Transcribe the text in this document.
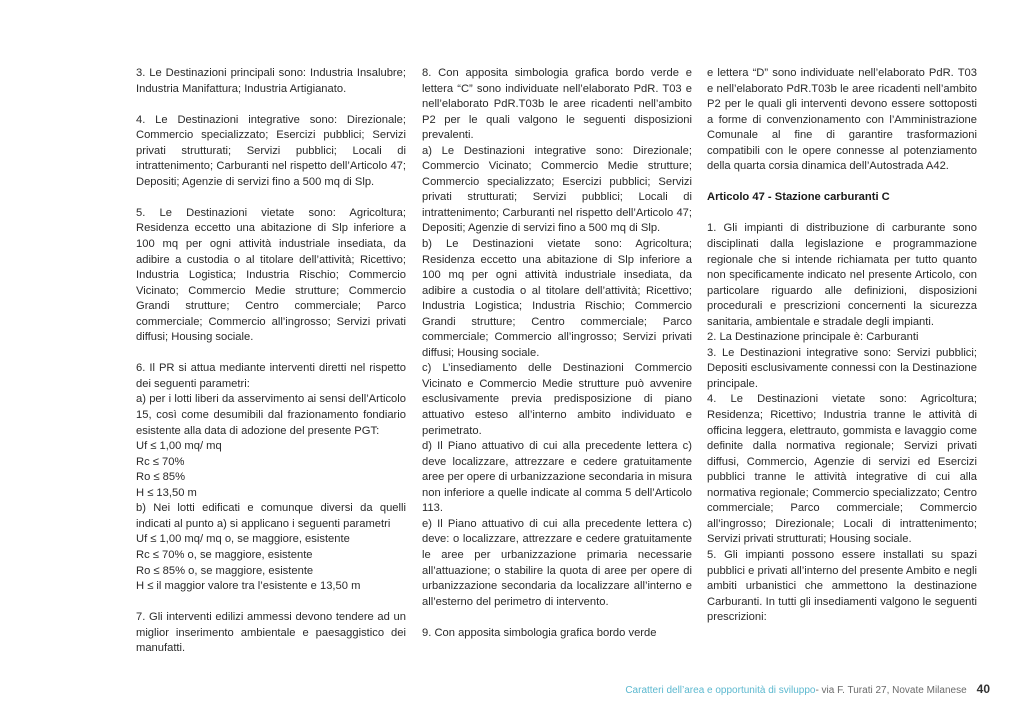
3. Le Destinazioni principali sono: Industria Insalubre; Industria Manifattura; Industria Artigianato.

4. Le Destinazioni integrative sono: Direzionale; Commercio specializzato; Esercizi pubblici; Servizi privati strutturati; Servizi pubblici; Locali di intrattenimento; Carburanti nel rispetto dell’Articolo 47; Depositi; Agenzie di servizi fino a 500 mq di Slp.

5. Le Destinazioni vietate sono: Agricoltura; Residenza eccetto una abitazione di Slp inferiore a 100 mq per ogni attività industriale insediata, da adibire a custodia o al titolare dell’attività; Ricettivo; Industria Logistica; Industria Rischio; Commercio Vicinato; Commercio Medie strutture; Commercio Grandi strutture; Centro commerciale; Parco commerciale; Commercio all’ingrosso; Servizi privati diffusi; Housing sociale.

6. Il PR si attua mediante interventi diretti nel rispetto dei seguenti parametri:

a) per i lotti liberi da asservimento ai sensi dell’Articolo 15, così come desumibili dal frazionamento fondiario esistente alla data di adozione del presente PGT:

Uf ≤ 1,00 mq/ mq

Rc ≤ 70%

Ro ≤ 85%

H ≤ 13,50 m

b) Nei lotti edificati e comunque diversi da quelli indicati al punto a) si applicano i seguenti parametri

Uf ≤ 1,00 mq/ mq o, se maggiore, esistente

Rc ≤ 70% o, se maggiore, esistente

Ro ≤ 85% o, se maggiore, esistente

H ≤ il maggior valore tra l’esistente e 13,50 m

7. Gli interventi edilizi ammessi devono tendere ad un miglior inserimento ambientale e paesaggistico dei manufatti.

8. Con apposita simbologia grafica bordo verde e lettera “C” sono individuate nell’elaborato PdR. T03 e nell’elaborato PdR.T03b le aree ricadenti nell’ambito P2 per le quali valgono le seguenti disposizioni prevalenti.

a) Le Destinazioni integrative sono: Direzionale; Commercio Vicinato; Commercio Medie strutture; Commercio specializzato; Esercizi pubblici; Servizi privati strutturati; Servizi pubblici; Locali di intrattenimento; Carburanti nel rispetto dell’Articolo 47; Depositi; Agenzie di servizi fino a 500 mq di Slp.

b) Le Destinazioni vietate sono: Agricoltura; Residenza eccetto una abitazione di Slp inferiore a 100 mq per ogni attività industriale insediata, da adibire a custodia o al titolare dell’attività; Ricettivo; Industria Logistica; Industria Rischio; Commercio Grandi strutture; Centro commerciale; Parco commerciale; Commercio all’ingrosso; Servizi privati diffusi; Housing sociale.

c) L’insediamento delle Destinazioni Commercio Vicinato e Commercio Medie strutture può avvenire esclusivamente previa predisposizione di piano attuativo esteso all’interno ambito individuato e perimetrato.

d) Il Piano attuativo di cui alla precedente lettera c) deve localizzare, attrezzare e cedere gratuitamente aree per opere di urbanizzazione secondaria in misura non inferiore a quelle indicate al comma 5 dell’Articolo 113.

e) Il Piano attuativo di cui alla precedente lettera c) deve: o localizzare, attrezzare e cedere gratuitamente le aree per urbanizzazione primaria necessarie all’attuazione; o stabilire la quota di aree per opere di urbanizzazione secondaria da localizzare all’interno e all’esterno del perimetro di intervento.

9. Con apposita simbologia grafica bordo verde

e lettera “D” sono individuate nell’elaborato PdR. T03 e nell’elaborato PdR.T03b le aree ricadenti nell’ambito P2 per le quali gli interventi devono essere sottoposti a forme di convenzionamento con l’Amministrazione Comunale al fine di garantire trasformazioni compatibili con le opere connesse al potenziamento della quarta corsia dinamica dell’Autostrada A42.

Articolo 47 - Stazione carburanti C

1. Gli impianti di distribuzione di carburante sono disciplinati dalla legislazione e programmazione regionale che si intende richiamata per tutto quanto non specificamente indicato nel presente Articolo, con particolare riguardo alle definizioni, disposizioni procedurali e prescrizioni concernenti la sicurezza sanitaria, ambientale e stradale degli impianti.

2. La Destinazione principale è: Carburanti

3. Le Destinazioni integrative sono: Servizi pubblici; Depositi esclusivamente connessi con la Destinazione principale.

4. Le Destinazioni vietate sono: Agricoltura; Residenza; Ricettivo; Industria tranne le attività di officina leggera, elettrauto, gommista e lavaggio come definite dalla normativa regionale; Servizi privati diffusi, Commercio, Agenzie di servizi ed Esercizi pubblici tranne le attività integrative di cui alla normativa regionale; Commercio specializzato; Centro commerciale; Parco commerciale; Commercio all’ingrosso; Direzionale; Locali di intrattenimento; Servizi privati strutturati; Housing sociale.

5. Gli impianti possono essere installati su spazi pubblici e privati all’interno del presente Ambito e negli ambiti urbanistici che ammettono la destinazione Carburanti. In tutti gli insediamenti valgono le seguenti prescrizioni:

Caratteri dell’area e opportunità di sviluppo - via F. Turati 27, Novate Milanese 40
